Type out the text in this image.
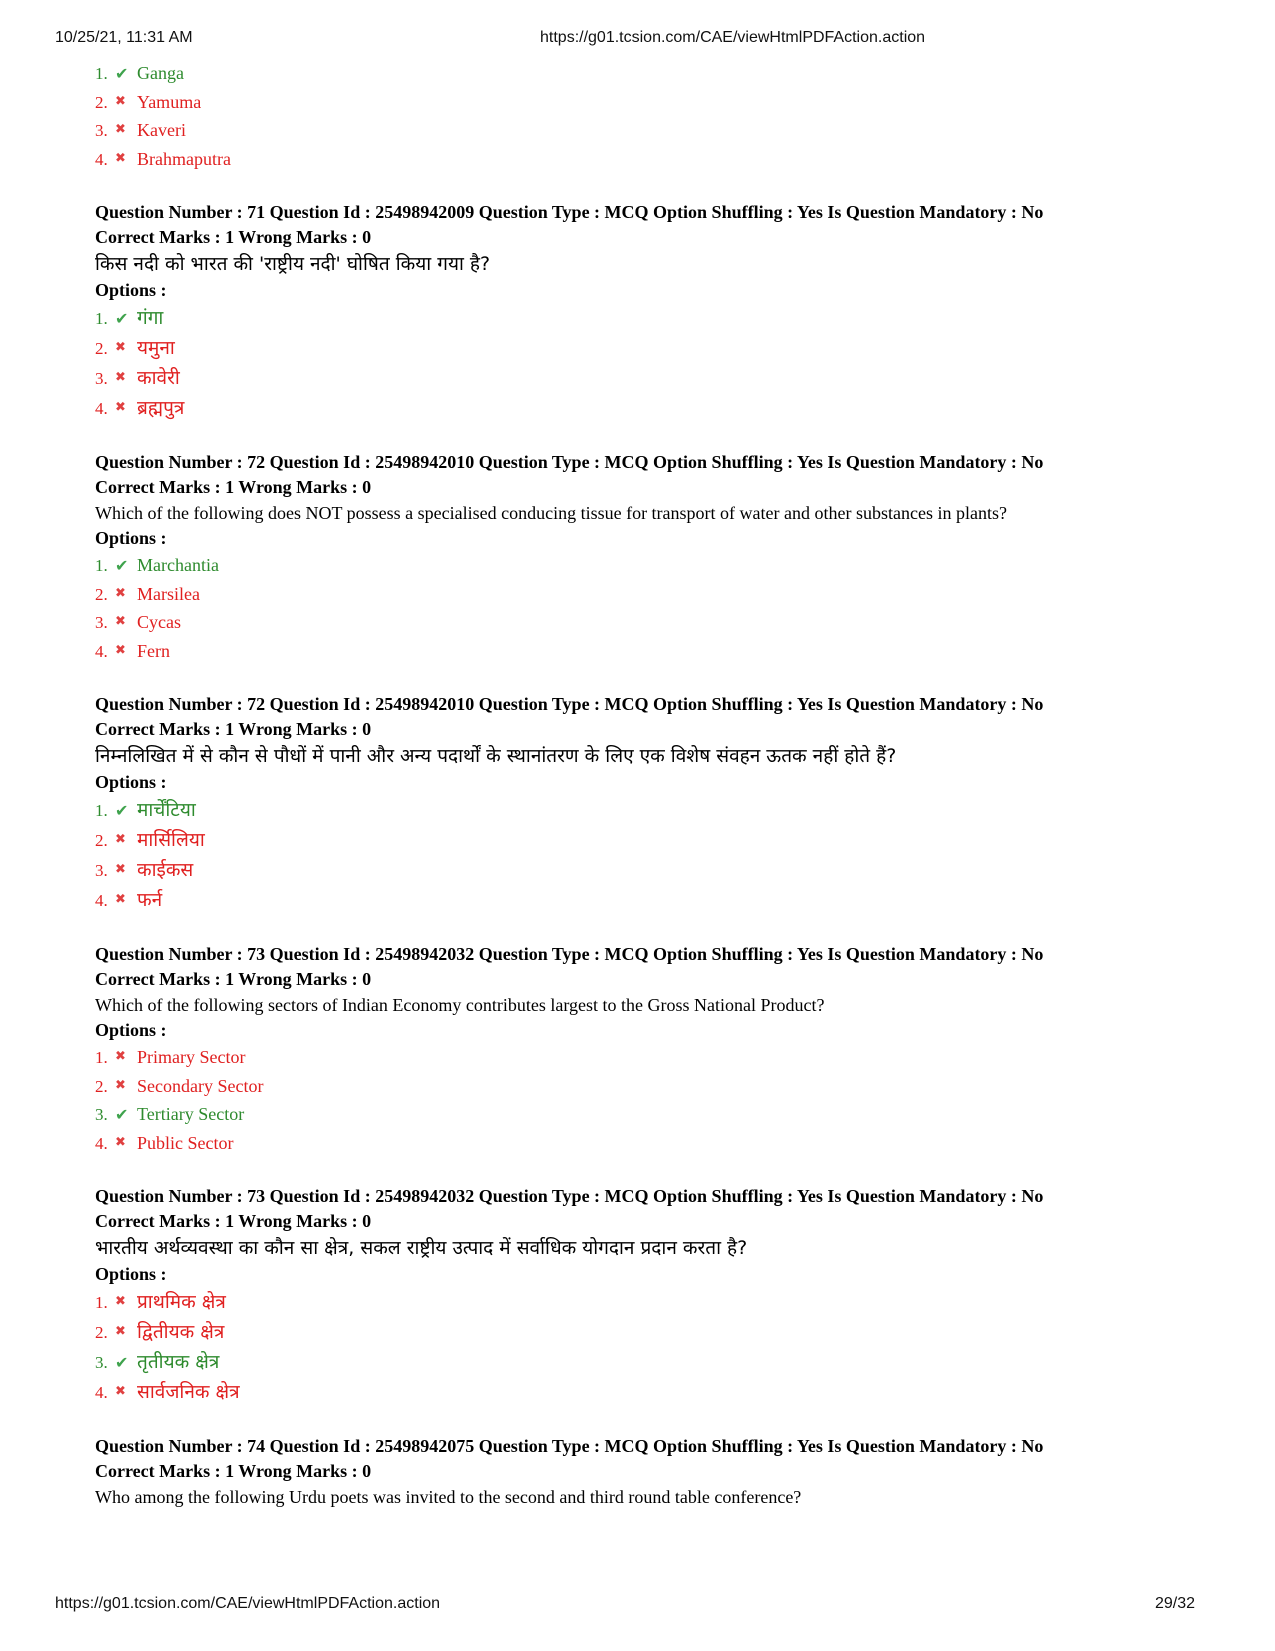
10/25/21, 11:31 AM	https://g01.tcsion.com/CAE/viewHtmlPDFAction.action
1. ✔ Ganga
2. ✖ Yamuma
3. ✖ Kaveri
4. ✖ Brahmaputra
Question Number : 71 Question Id : 25498942009 Question Type : MCQ Option Shuffling : Yes Is Question Mandatory : No
Correct Marks : 1 Wrong Marks : 0
किस नदी को भारत की 'राष्ट्रीय नदी' घोषित किया गया है?
Options :
1. ✔ गंगा
2. ✖ यमुना
3. ✖ कावेरी
4. ✖ ब्रह्मपुत्र
Question Number : 72 Question Id : 25498942010 Question Type : MCQ Option Shuffling : Yes Is Question Mandatory : No
Correct Marks : 1 Wrong Marks : 0
Which of the following does NOT possess a specialised conducing tissue for transport of water and other substances in plants?
Options :
1. ✔ Marchantia
2. ✖ Marsilea
3. ✖ Cycas
4. ✖ Fern
Question Number : 72 Question Id : 25498942010 Question Type : MCQ Option Shuffling : Yes Is Question Mandatory : No
Correct Marks : 1 Wrong Marks : 0
निम्नलिखित में से कौन से पौधों में पानी और अन्य पदार्थों के स्थानांतरण के लिए एक विशेष संवहन ऊतक नहीं होते हैं?
Options :
1. ✔ मार्चेंटिया
2. ✖ मार्सिलिया
3. ✖ काईकस
4. ✖ फर्न
Question Number : 73 Question Id : 25498942032 Question Type : MCQ Option Shuffling : Yes Is Question Mandatory : No
Correct Marks : 1 Wrong Marks : 0
Which of the following sectors of Indian Economy contributes largest to the Gross National Product?
Options :
1. ✖ Primary Sector
2. ✖ Secondary Sector
3. ✔ Tertiary Sector
4. ✖ Public Sector
Question Number : 73 Question Id : 25498942032 Question Type : MCQ Option Shuffling : Yes Is Question Mandatory : No
Correct Marks : 1 Wrong Marks : 0
भारतीय अर्थव्यवस्था का कौन सा क्षेत्र, सकल राष्ट्रीय उत्पाद में सर्वाधिक योगदान प्रदान करता है?
Options :
1. ✖ प्राथमिक क्षेत्र
2. ✖ द्वितीयक क्षेत्र
3. ✔ तृतीयक क्षेत्र
4. ✖ सार्वजनिक क्षेत्र
Question Number : 74 Question Id : 25498942075 Question Type : MCQ Option Shuffling : Yes Is Question Mandatory : No
Correct Marks : 1 Wrong Marks : 0
Who among the following Urdu poets was invited to the second and third round table conference?
https://g01.tcsion.com/CAE/viewHtmlPDFAction.action	29/32
